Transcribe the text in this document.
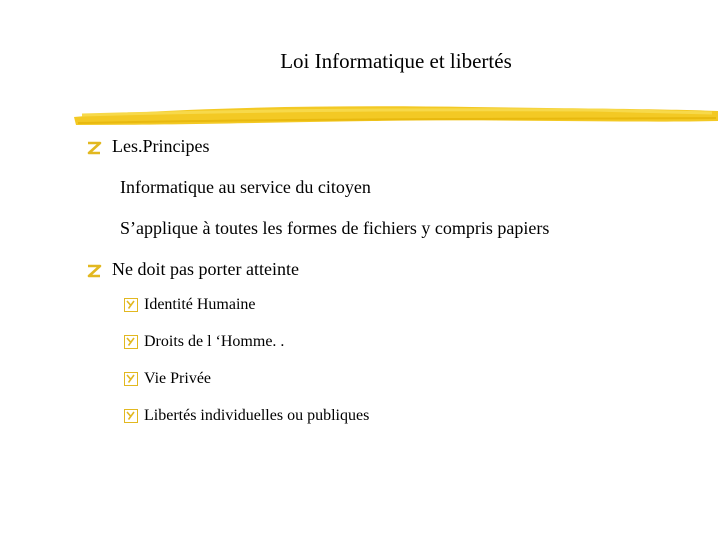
Loi Informatique et libertés
Les.Principes
Informatique au service du citoyen
S’applique à toutes les formes de fichiers y compris papiers
Ne doit pas porter atteinte
Identité Humaine
Droits de l ‘Homme. .
Vie Privée
Libertés individuelles ou publiques
